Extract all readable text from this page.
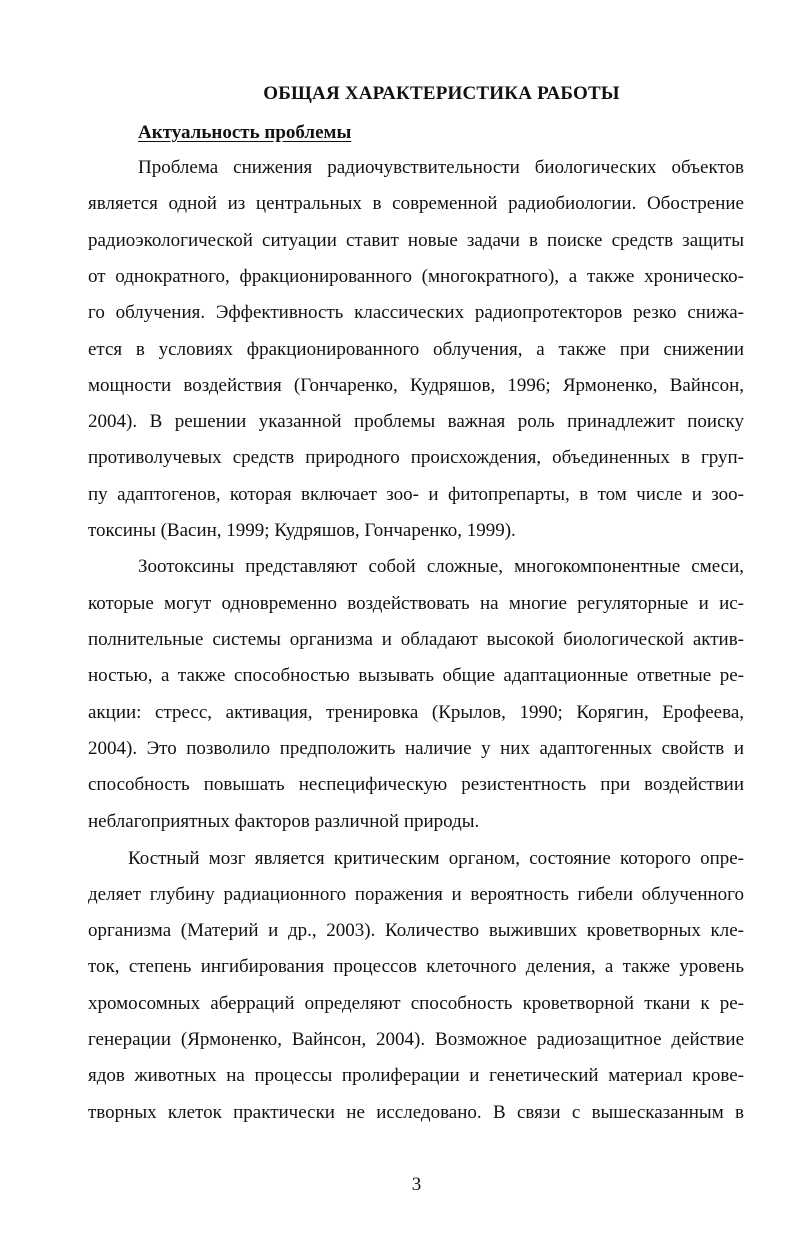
ОБЩАЯ ХАРАКТЕРИСТИКА РАБОТЫ
Актуальность проблемы
Проблема снижения радиочувствительности биологических объектов
является одной из центральных в современной радиобиологии. Обострение
радиоэкологической ситуации ставит новые задачи в поиске средств защиты
от однократного, фракционированного (многократного), а также хроническо-
го облучения. Эффективность классических радиопротекторов резко снижа-
ется в условиях фракционированного облучения, а также при снижении
мощности воздействия (Гончаренко, Кудряшов, 1996; Ярмоненко, Вайнсон,
2004). В решении указанной проблемы важная роль принадлежит поиску
противолучевых средств природного происхождения, объединенных в груп-
пу адаптогенов, которая включает зоо- и фитопрепарты, в том числе и зоо-
токсины (Васин, 1999; Кудряшов, Гончаренко, 1999).
Зоотоксины представляют собой сложные, многокомпонентные смеси,
которые могут одновременно воздействовать на многие регуляторные и ис-
полнительные системы организма и обладают высокой биологической актив-
ностью, а также способностью вызывать общие адаптационные ответные ре-
акции: стресс, активация, тренировка (Крылов, 1990; Корягин, Ерофеева,
2004). Это позволило предположить наличие у них адаптогенных свойств и
способность повышать неспецифическую резистентность при воздействии
неблагоприятных факторов различной природы.
Костный мозг является критическим органом, состояние которого опре-
деляет глубину радиационного поражения и вероятность гибели облученного
организма (Материй и др., 2003). Количество выживших кроветворных кле-
ток, степень ингибирования процессов клеточного деления, а также уровень
хромосомных аберраций определяют способность кроветворной ткани к ре-
генерации (Ярмоненко, Вайнсон, 2004). Возможное радиозащитное действие
ядов животных на процессы пролиферации и генетический материал крове-
творных клеток практически не исследовано. В связи с вышесказанным в
3
